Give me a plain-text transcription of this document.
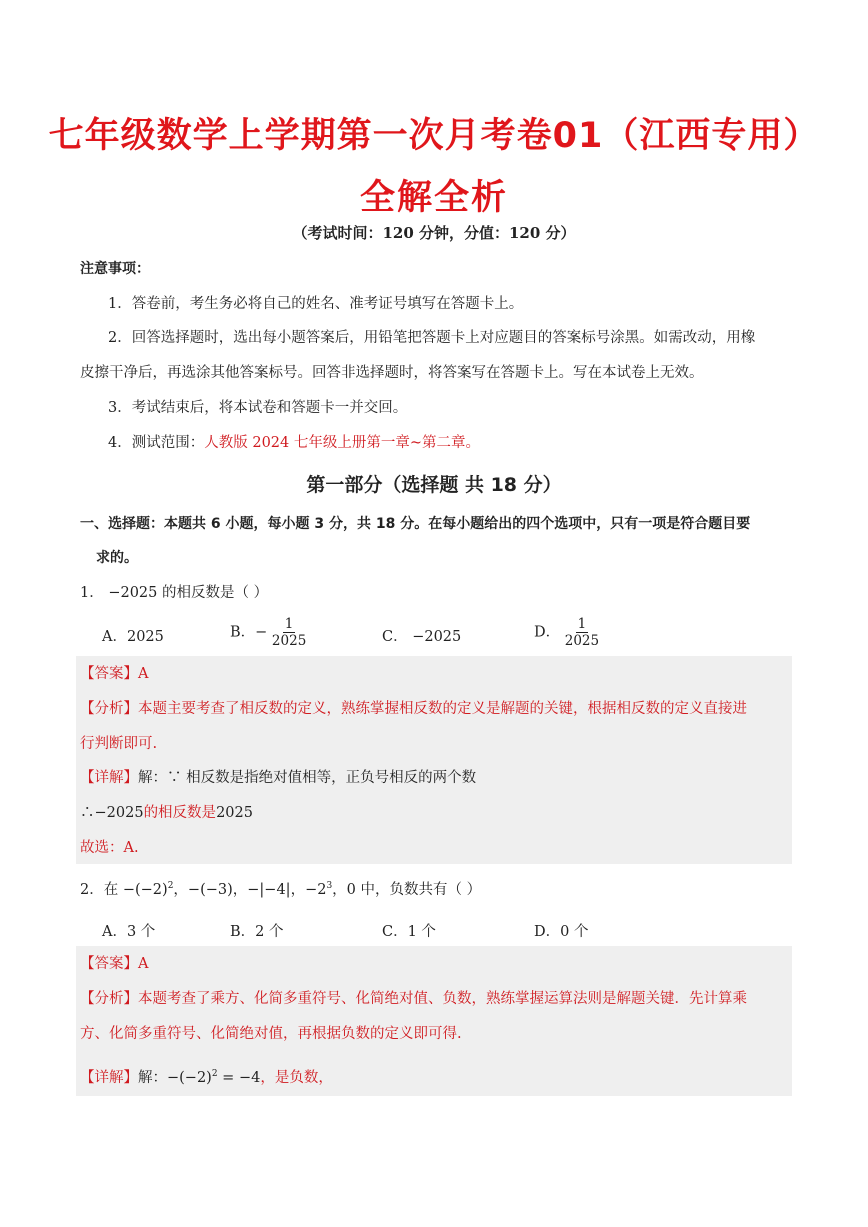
七年级数学上学期第一次月考卷01（江西专用）
全解全析
（考试时间：120 分钟，分值：120 分）
注意事项：
1．答卷前，考生务必将自己的姓名、准考证号填写在答题卡上。
2．回答选择题时，选出每小题答案后，用铅笔把答题卡上对应题目的答案标号涂黑。如需改动，用橡
皮擦干净后，再选涂其他答案标号。回答非选择题时，将答案写在答题卡上。写在本试卷上无效。
3．考试结束后，将本试卷和答题卡一并交回。
4．测试范围：人教版 2024 七年级上册第一章~第二章。
第一部分（选择题 共 18 分）
一、选择题：本题共 6 小题，每小题 3 分，共 18 分。在每小题给出的四个选项中，只有一项是符合题目要
求的。
1． −2025 的相反数是（ ）
A．2025	B．− $\frac{1}{2025}$	C． −2025	D． $\frac{1}{2025}$
【答案】A
【分析】本题主要考查了相反数的定义，熟练掌握相反数的定义是解题的关键，根据相反数的定义直接进
行判断即可.
【详解】解：∵ 相反数是指绝对值相等，正负号相反的两个数
∴−2025的相反数是2025
故选：A.
2．在 $-(-2)^2$，−(−3)，−|−4|，$-2^3$，0 中，负数共有（ ）
A．3 个	B．2 个	C．1 个	D．0 个
【答案】A
【分析】本题考查了乘方、化简多重符号、化简绝对值、负数，熟练掌握运算法则是解题关键．先计算乘
方、化简多重符号、化简绝对值，再根据负数的定义即可得.
【详解】解：$-(-2)^2 = -4$，是负数，
